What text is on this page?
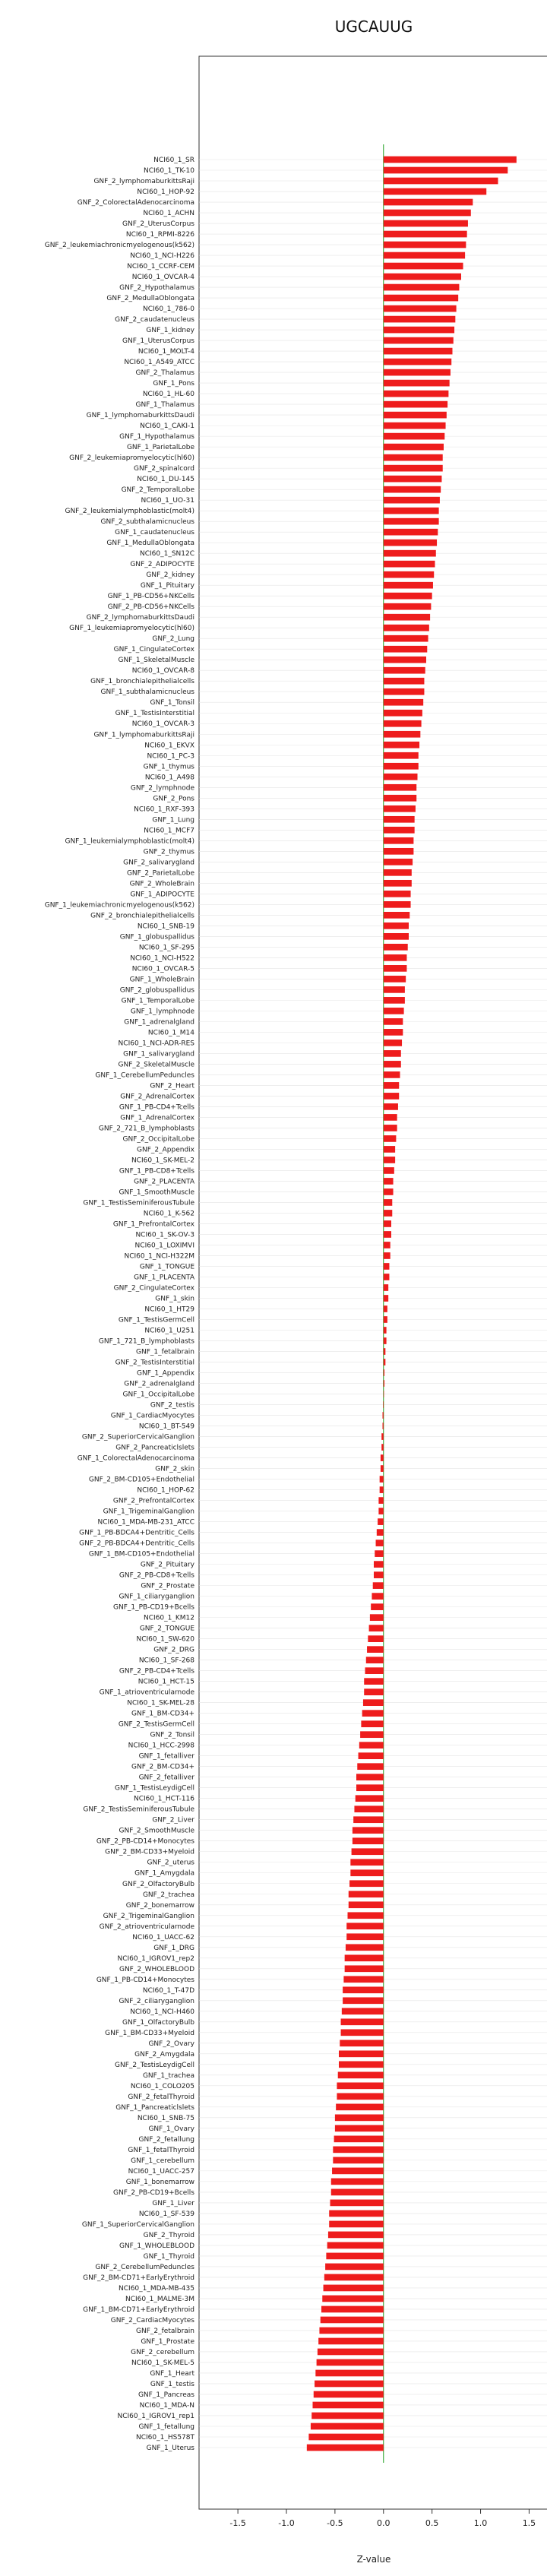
UGCAUUG
NCI60_1_SR
NCI60_1_TK-10
GNF_2_lymphomaburkittsRaji
NCI60_1_HOP-92
GNF_2_ColorectalAdenocarcinoma
NCI60_1_ACHN
GNF_2_UterusCorpus
NCI60_1_RPMI-8226
GNF_2_leukemiachronicmyelogenous(k562)
NCI60_1_NCI-H226
NCI60_1_CCRF-CEM
NCI60_1_OVCAR-4
GNF_2_Hypothalamus
GNF_2_MedullaOblongata
NCI60_1_786-0
GNF_2_caudatenucleus
GNF_1_kidney
GNF_1_UterusCorpus
NCI60_1_MOLT-4
NCI60_1_A549_ATCC
GNF_2_Thalamus
GNF_1_Pons
NCI60_1_HL-60
GNF_1_Thalamus
GNF_1_lymphomaburkittsDaudi
NCI60_1_CAKI-1
GNF_1_Hypothalamus
GNF_1_ParietalLobe
GNF_2_leukemiapromyelocytic(hl60)
GNF_2_spinalcord
NCI60_1_DU-145
GNF_2_TemporalLobe
NCI60_1_UO-31
GNF_2_leukemialymphoblastic(molt4)
GNF_2_subthalamicnucleus
GNF_1_caudatenucleus
GNF_1_MedullaOblongata
NCI60_1_SN12C
GNF_2_ADIPOCYTE
GNF_2_kidney
GNF_1_Pituitary
GNF_1_PB-CD56+NKCells
GNF_2_PB-CD56+NKCells
GNF_2_lymphomaburkittsDaudi
GNF_1_leukemiapromyelocytic(hl60)
GNF_2_Lung
GNF_1_CingulateCortex
GNF_1_SkeletalMuscle
NCI60_1_OVCAR-8
GNF_1_bronchialepithelialcells
GNF_1_subthalamicnucleus
GNF_1_Tonsil
GNF_1_TestisInterstitial
NCI60_1_OVCAR-3
GNF_1_lymphomaburkittsRaji
NCI60_1_EKVX
NCI60_1_PC-3
GNF_1_thymus
NCI60_1_A498
GNF_2_lymphnode
GNF_2_Pons
NCI60_1_RXF-393
GNF_1_Lung
NCI60_1_MCF7
GNF_1_leukemialymphoblastic(molt4)
GNF_2_thymus
GNF_2_salivarygland
GNF_2_ParietalLobe
GNF_2_WholeBrain
GNF_1_ADIPOCYTE
GNF_1_leukemiachronicmyelogenous(k562)
GNF_2_bronchialepithelialcells
NCI60_1_SNB-19
GNF_1_globuspallidus
NCI60_1_SF-295
NCI60_1_NCI-H522
NCI60_1_OVCAR-5
GNF_1_WholeBrain
GNF_2_globuspallidus
GNF_1_TemporalLobe
GNF_1_lymphnode
GNF_1_adrenalgland
NCI60_1_M14
NCI60_1_NCI-ADR-RES
GNF_1_salivarygland
GNF_2_SkeletalMuscle
GNF_1_CerebellumPeduncles
GNF_2_Heart
GNF_2_AdrenalCortex
GNF_1_PB-CD4+Tcells
GNF_1_AdrenalCortex
GNF_2_721_B_lymphoblasts
GNF_2_OccipitalLobe
GNF_2_Appendix
NCI60_1_SK-MEL-2
GNF_1_PB-CD8+Tcells
GNF_2_PLACENTA
GNF_1_SmoothMuscle
GNF_1_TestisSeminiferousTubule
NCI60_1_K-562
GNF_1_PrefrontalCortex
NCI60_1_SK-OV-3
NCI60_1_LOXIMVI
NCI60_1_NCI-H322M
GNF_1_TONGUE
GNF_1_PLACENTA
GNF_2_CingulateCortex
GNF_1_skin
NCI60_1_HT29
GNF_1_TestisGermCell
NCI60_1_U251
GNF_1_721_B_lymphoblasts
GNF_1_fetalbrain
GNF_2_TestisInterstitial
GNF_1_Appendix
GNF_2_adrenalgland
GNF_1_OccipitalLobe
GNF_2_testis
GNF_1_CardiacMyocytes
NCI60_1_BT-549
GNF_2_SuperiorCervicalGanglion
GNF_2_Pancreaticlslets
GNF_1_ColorectalAdenocarcinoma
GNF_2_skin
GNF_2_BM-CD105+Endothelial
NCI60_1_HOP-62
GNF_2_PrefrontalCortex
GNF_1_TrigeminalGanglion
NCI60_1_MDA-MB-231_ATCC
GNF_1_PB-BDCA4+Dentritic_Cells
GNF_2_PB-BDCA4+Dentritic_Cells
GNF_1_BM-CD105+Endothelial
GNF_2_Pituitary
GNF_2_PB-CD8+Tcells
GNF_2_Prostate
GNF_1_ciliaryganglion
GNF_1_PB-CD19+Bcells
NCI60_1_KM12
GNF_2_TONGUE
NCI60_1_SW-620
GNF_2_DRG
NCI60_1_SF-268
GNF_2_PB-CD4+Tcells
NCI60_1_HCT-15
GNF_1_atrioventricularnode
NCI60_1_SK-MEL-28
GNF_1_BM-CD34+
GNF_2_TestisGermCell
GNF_2_Tonsil
NCI60_1_HCC-2998
GNF_1_fetalliver
GNF_2_BM-CD34+
GNF_2_fetalliver
GNF_1_TestisLeydigCell
NCI60_1_HCT-116
GNF_2_TestisSeminiferousTubule
GNF_2_Liver
GNF_2_SmoothMuscle
GNF_2_PB-CD14+Monocytes
GNF_2_BM-CD33+Myeloid
GNF_2_uterus
GNF_1_Amygdala
GNF_2_OlfactoryBulb
GNF_2_trachea
GNF_2_bonemarrow
GNF_2_TrigeminalGanglion
GNF_2_atrioventricularnode
NCI60_1_UACC-62
GNF_1_DRG
NCI60_1_IGROV1_rep2
GNF_2_WHOLEBLOOD
GNF_1_PB-CD14+Monocytes
NCI60_1_T-47D
GNF_2_ciliaryganglion
NCI60_1_NCI-H460
GNF_1_OlfactoryBulb
GNF_1_BM-CD33+Myeloid
GNF_2_Ovary
GNF_2_Amygdala
GNF_2_TestisLeydigCell
GNF_1_trachea
NCI60_1_COLO205
GNF_2_fetalThyroid
GNF_1_Pancreaticlslets
NCI60_1_SNB-75
GNF_1_Ovary
GNF_2_fetallung
GNF_1_fetalThyroid
GNF_1_cerebellum
NCI60_1_UACC-257
GNF_1_bonemarrow
GNF_2_PB-CD19+Bcells
GNF_1_Liver
NCI60_1_SF-539
GNF_1_SuperiorCervicalGanglion
GNF_2_Thyroid
GNF_1_WHOLEBLOOD
GNF_1_Thyroid
GNF_2_CerebellumPeduncles
GNF_2_BM-CD71+EarlyErythroid
NCI60_1_MDA-MB-435
NCI60_1_MALME-3M
GNF_1_BM-CD71+EarlyErythroid
GNF_2_CardiacMyocytes
GNF_2_fetalbrain
GNF_1_Prostate
GNF_2_cerebellum
NCI60_1_SK-MEL-5
GNF_1_Heart
GNF_1_testis
GNF_1_Pancreas
NCI60_1_MDA-N
NCI60_1_IGROV1_rep1
GNF_1_fetallung
NCI60_1_HS578T
GNF_1_Uterus
-1.5	-1.0	-0.5	0.0	0.5	1.0	1.5
Z-value
